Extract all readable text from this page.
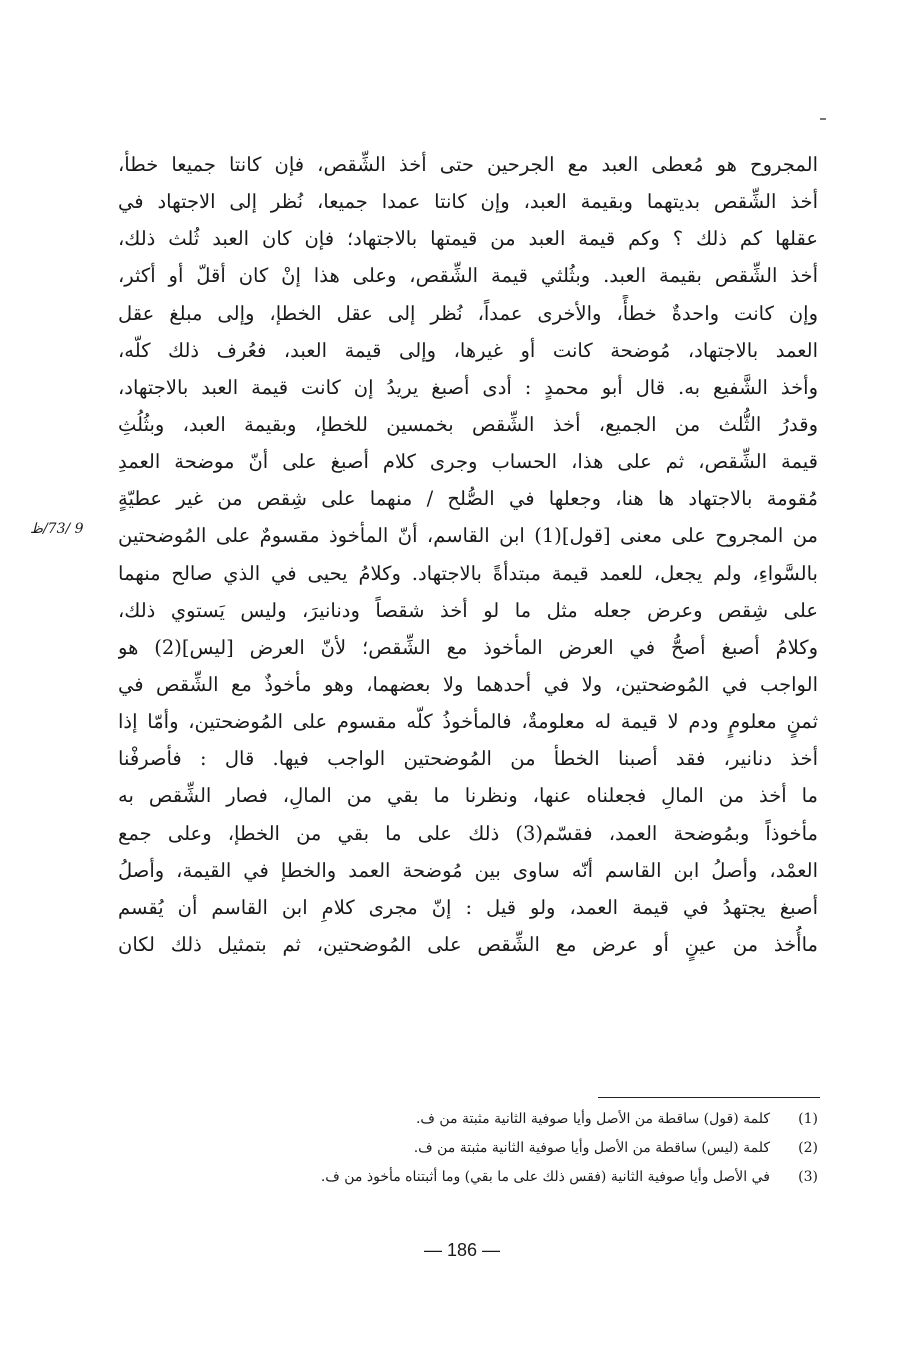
المجروح هو مُعطى العبد مع الجرحين حتى أخذ الشِّقص، فإن كانتا جميعا خطأ،
أخذ الشِّقص بديتهما وبقيمة العبد، وإن كانتا عمدا جميعا، نُظر إلى الاجتهاد في
عقلها كم ذلك ؟ وكم قيمة العبد من قيمتها بالاجتهاد؛ فإن كان العبد ثُلث ذلك،
أخذ الشِّقص بقيمة العبد. وبثُلثي قيمة الشِّقص، وعلى هذا إنْ كان أقلّ أو أكثر،
وإن كانت واحدةٌ خطأً، والأخرى عمداً، نُظر إلى عقل الخطإ، وإلى مبلغ عقل
العمد بالاجتهاد، مُوضحة كانت أو غيرها، وإلى قيمة العبد، فعُرف ذلك كلّه،
وأخذ الشَّفيع به. قال أبو محمدٍ : أدى أصبغ يريدُ إن كانت قيمة العبد بالاجتهاد،
وقدرُ الثُّلث من الجميع، أخذ الشِّقص بخمسين للخطإ، وبقيمة العبد، وبثُلُثِ
قيمة الشِّقص، ثم على هذا، الحساب وجرى كلام أصبغ على أنّ موضحة العمدِ
مُقومة بالاجتهاد ها هنا، وجعلها في الصُّلح / منهما على شِقص من غير عطيّةٍ
من المجروح على معنى [قول](1) ابن القاسم، أنّ المأخوذ مقسومٌ على المُوضحتين
بالسَّواءِ، ولم يجعل، للعمد قيمة مبتدأةً بالاجتهاد. وكلامُ يحيى في الذي صالح منهما
على شِقص وعرض جعله مثل ما لو أخذ شقصاً ودنانيرَ، وليس يَستوي ذلك،
وكلامُ أصبغ أصحُّ في العرض المأخوذ مع الشِّقص؛ لأنّ العرض [ليس](2) هو
الواجب في المُوضحتين، ولا في أحدهما ولا بعضهما، وهو مأخوذٌ مع الشِّقص في
ثمنٍ معلومٍ ودم لا قيمة له معلومةٌ، فالمأخوذُ كلّه مقسوم على المُوضحتين، وأمّا إذا
أخذ دنانير، فقد أصبنا الخطأ من المُوضحتين الواجب فيها. قال : فأصرفْنا
ما أخذ من المالِ فجعلناه عنها، ونظرنا ما بقي من المالِ، فصار الشِّقص به
مأخوذاً وبمُوضحة العمد، فقسّم(3) ذلك على ما بقي من الخطإ، وعلى جمع
العمْد، وأصلُ ابن القاسم أنّه ساوى بين مُوضحة العمد والخطإ في القيمة، وأصلُ
أصبغ يجتهدُ في قيمة العمد، ولو قيل : إنّ مجرى كلامِ ابن القاسم أن يُقسم
ماأُخذ من عينٍ أو عرض مع الشِّقص على المُوضحتين، ثم بتمثيل ذلك لكان
9 /73/ظ
(1)
كلمة (قول) ساقطة من الأصل وأيا صوفية الثانية مثبتة من ف.
(2)
كلمة (ليس) ساقطة من الأصل وأيا صوفية الثانية مثبتة من ف.
(3)
في الأصل وأيا صوفية الثانية (فقس ذلك على ما بقي) وما أثبتناه مأخوذ من ف.
— 186 —
